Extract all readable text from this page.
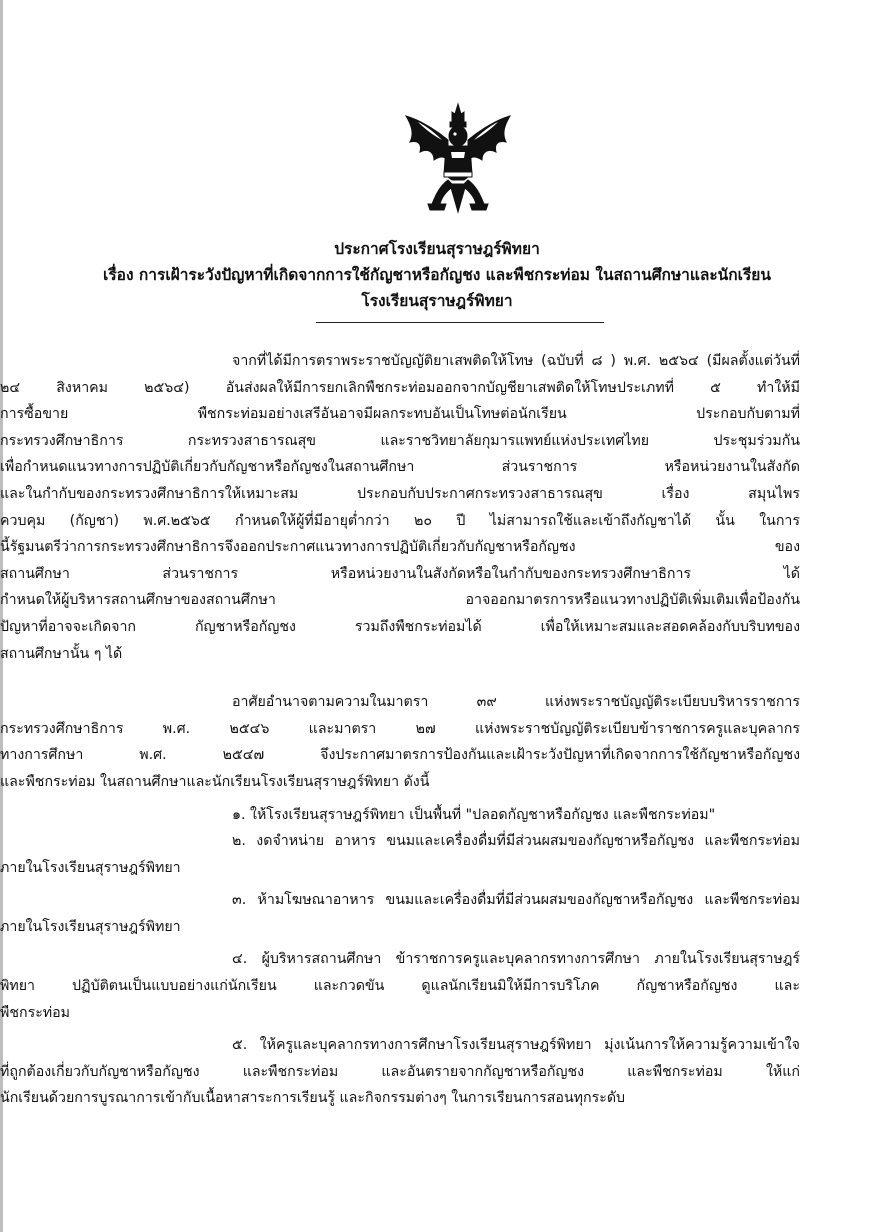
ประกาศโรงเรียนสุราษฎร์พิทยา
เรื่อง การเฝ้าระวังปัญหาที่เกิดจากการใช้กัญชาหรือกัญชง และพืชกระท่อม ในสถานศึกษาและนักเรียน
โรงเรียนสุราษฎร์พิทยา
จากที่ได้มีการตราพระราชบัญญัติยาเสพติดให้โทษ (ฉบับที่ ๘ ) พ.ศ. ๒๕๖๔ (มีผลตั้งแต่วันที่
๒๔ สิงหาคม ๒๕๖๔) อันส่งผลให้มีการยกเลิกพืชกระท่อมออกจากบัญชียาเสพติดให้โทษประเภทที่ ๕ ทำให้มี
การซื้อขาย พืชกระท่อมอย่างเสรีอันอาจมีผลกระทบอันเป็นโทษต่อนักเรียน ประกอบกับตามที่
กระทรวงศึกษาธิการ กระทรวงสาธารณสุข และราชวิทยาลัยกุมารแพทย์แห่งประเทศไทย ประชุมร่วมกัน
เพื่อกำหนดแนวทางการปฏิบัติเกี่ยวกับกัญชาหรือกัญชงในสถานศึกษา ส่วนราชการ หรือหน่วยงานในสังกัด
และในกำกับของกระทรวงศึกษาธิการให้เหมาะสม ประกอบกับประกาศกระทรวงสาธารณสุข เรื่อง สมุนไพร
ควบคุม (กัญชา) พ.ศ.๒๕๖๕ กำหนดให้ผู้ที่มีอายุต่ำกว่า ๒๐ ปี ไม่สามารถใช้และเข้าถึงกัญชาได้ นั้น ในการ
นี้รัฐมนตรีว่าการกระทรวงศึกษาธิการจึงออกประกาศแนวทางการปฏิบัติเกี่ยวกับกัญชาหรือกัญชง ของ
สถานศึกษา ส่วนราชการ หรือหน่วยงานในสังกัดหรือในกำกับของกระทรวงศึกษาธิการ ได้
กำหนดให้ผู้บริหารสถานศึกษาของสถานศึกษา อาจออกมาตรการหรือแนวทางปฏิบัติเพิ่มเติมเพื่อป้องกัน
ปัญหาที่อาจจะเกิดจาก กัญชาหรือกัญชง รวมถึงพืชกระท่อมได้ เพื่อให้เหมาะสมและสอดคล้องกับบริบทของ
สถานศึกษานั้น ๆ ได้
อาศัยอำนาจตามความในมาตรา ๓๙ แห่งพระราชบัญญัติระเบียบบริหารราชการ
กระทรวงศึกษาธิการ พ.ศ. ๒๕๔๖ และมาตรา ๒๗ แห่งพระราชบัญญัติระเบียบข้าราชการครูและบุคลากร
ทางการศึกษา พ.ศ. ๒๕๔๗ จึงประกาศมาตรการป้องกันและเฝ้าระวังปัญหาที่เกิดจากการใช้กัญชาหรือกัญชง
และพืชกระท่อม ในสถานศึกษาและนักเรียนโรงเรียนสุราษฎร์พิทยา ดังนี้
๑. ให้โรงเรียนสุราษฎร์พิทยา เป็นพื้นที่ "ปลอดกัญชาหรือกัญชง และพืชกระท่อม"
๒. งดจำหน่าย อาหาร ขนมและเครื่องดื่มที่มีส่วนผสมของกัญชาหรือกัญชง และพืชกระท่อม
ภายในโรงเรียนสุราษฎร์พิทยา
๓. ห้ามโฆษณาอาหาร ขนมและเครื่องดื่มที่มีส่วนผสมของกัญชาหรือกัญชง และพืชกระท่อม
ภายในโรงเรียนสุราษฎร์พิทยา
๔. ผู้บริหารสถานศึกษา ข้าราชการครูและบุคลากรทางการศึกษา ภายในโรงเรียนสุราษฎร์
พิทยา ปฏิบัติตนเป็นแบบอย่างแก่นักเรียน และกวดขัน ดูแลนักเรียนมิให้มีการบริโภค กัญชาหรือกัญชง และ
พืชกระท่อม
๕. ให้ครูและบุคลากรทางการศึกษาโรงเรียนสุราษฎร์พิทยา มุ่งเน้นการให้ความรู้ความเข้าใจ
ที่ถูกต้องเกี่ยวกับกัญชาหรือกัญชง และพืชกระท่อม และอันตรายจากกัญชาหรือกัญชง และพืชกระท่อม ให้แก่
นักเรียนด้วยการบูรณาการเข้ากับเนื้อหาสาระการเรียนรู้ และกิจกรรมต่างๆ ในการเรียนการสอนทุกระดับ
